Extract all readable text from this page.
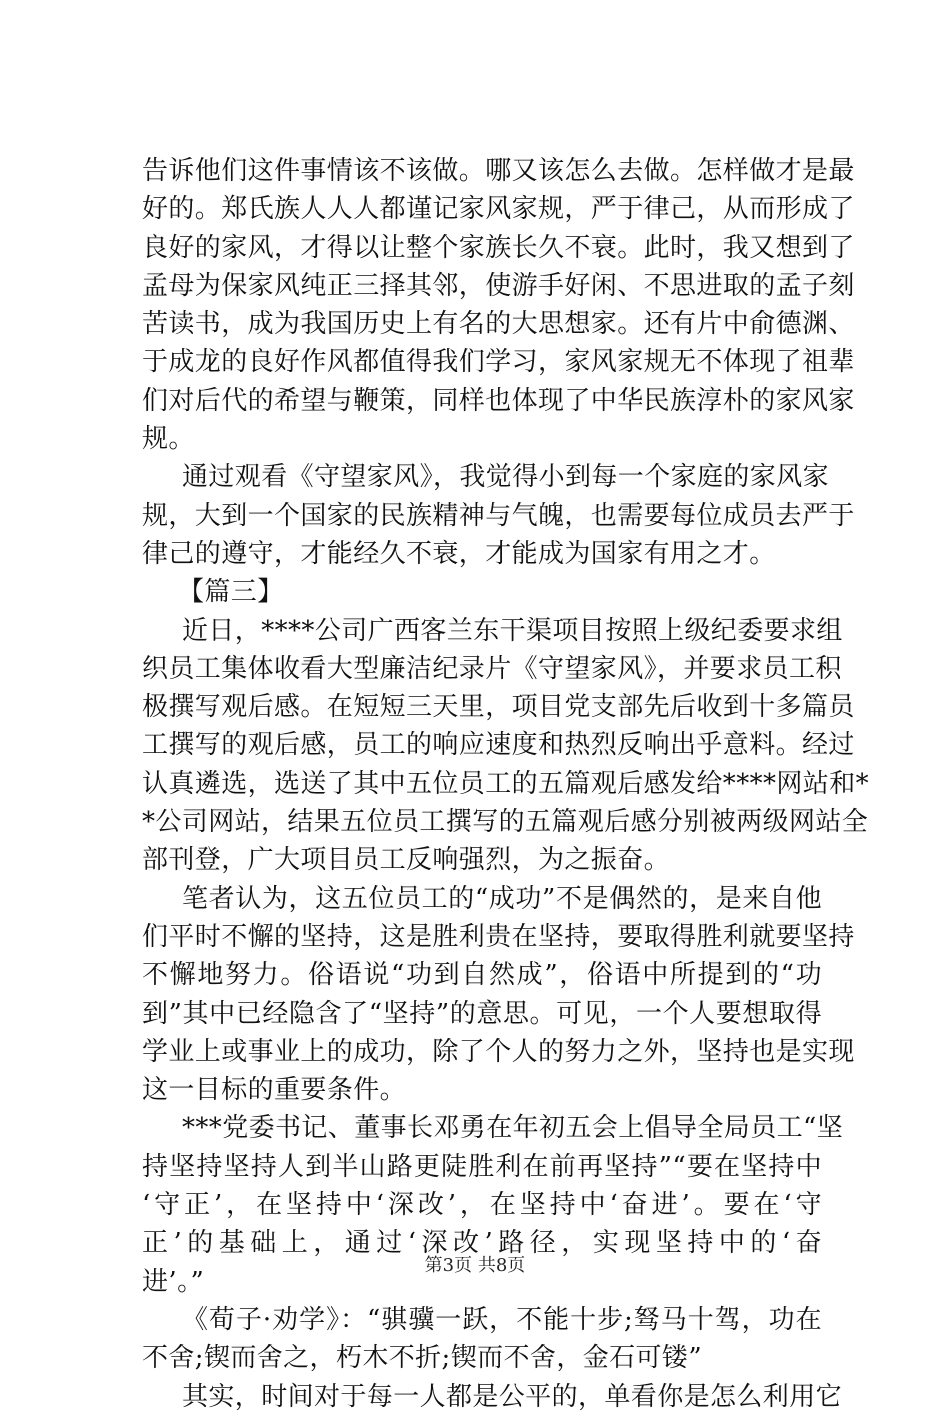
告诉他们这件事情该不该做。哪又该怎么去做。怎样做才是最
好的。郑氏族人人人都谨记家风家规，严于律己，从而形成了
良好的家风，才得以让整个家族长久不衰。此时，我又想到了
孟母为保家风纯正三择其邻，使游手好闲、不思进取的孟子刻
苦读书，成为我国历史上有名的大思想家。还有片中俞德渊、
于成龙的良好作风都值得我们学习，家风家规无不体现了祖辈
们对后代的希望与鞭策，同样也体现了中华民族淳朴的家风家
规。
通过观看《守望家风》，我觉得小到每一个家庭的家风家
规，大到一个国家的民族精神与气魄，也需要每位成员去严于
律己的遵守，才能经久不衰，才能成为国家有用之才。
【篇三】
近日，****公司广西客兰东干渠项目按照上级纪委要求组
织员工集体收看大型廉洁纪录片《守望家风》，并要求员工积
极撰写观后感。在短短三天里，项目党支部先后收到十多篇员
工撰写的观后感，员工的响应速度和热烈反响出乎意料。经过
认真遴选，选送了其中五位员工的五篇观后感发给****网站和*
*公司网站，结果五位员工撰写的五篇观后感分别被两级网站全
部刊登，广大项目员工反响强烈，为之振奋。
笔者认为，这五位员工的“成功”不是偶然的，是来自他
们平时不懈的坚持，这是胜利贵在坚持，要取得胜利就要坚持
不懈地努力。俗语说“功到自然成”，俗语中所提到的“功
到”其中已经隐含了“坚持”的意思。可见，一个人要想取得
学业上或事业上的成功，除了个人的努力之外，坚持也是实现
这一目标的重要条件。
***党委书记、董事长邓勇在年初五会上倡导全局员工“坚
持坚持坚持人到半山路更陡胜利在前再坚持”“要在坚持中
‘守正’，在坚持中‘深改’，在坚持中‘奋进’。要在‘守
正’的基础上，通过‘深改’路径，实现坚持中的‘奋
进’。”
《荀子·劝学》：“骐骥一跃，不能十步;驽马十驾，功在
不舍;锲而舍之，朽木不折;锲而不舍，金石可镂”
其实，时间对于每一人都是公平的，单看你是怎么利用它
第3页 共8页
